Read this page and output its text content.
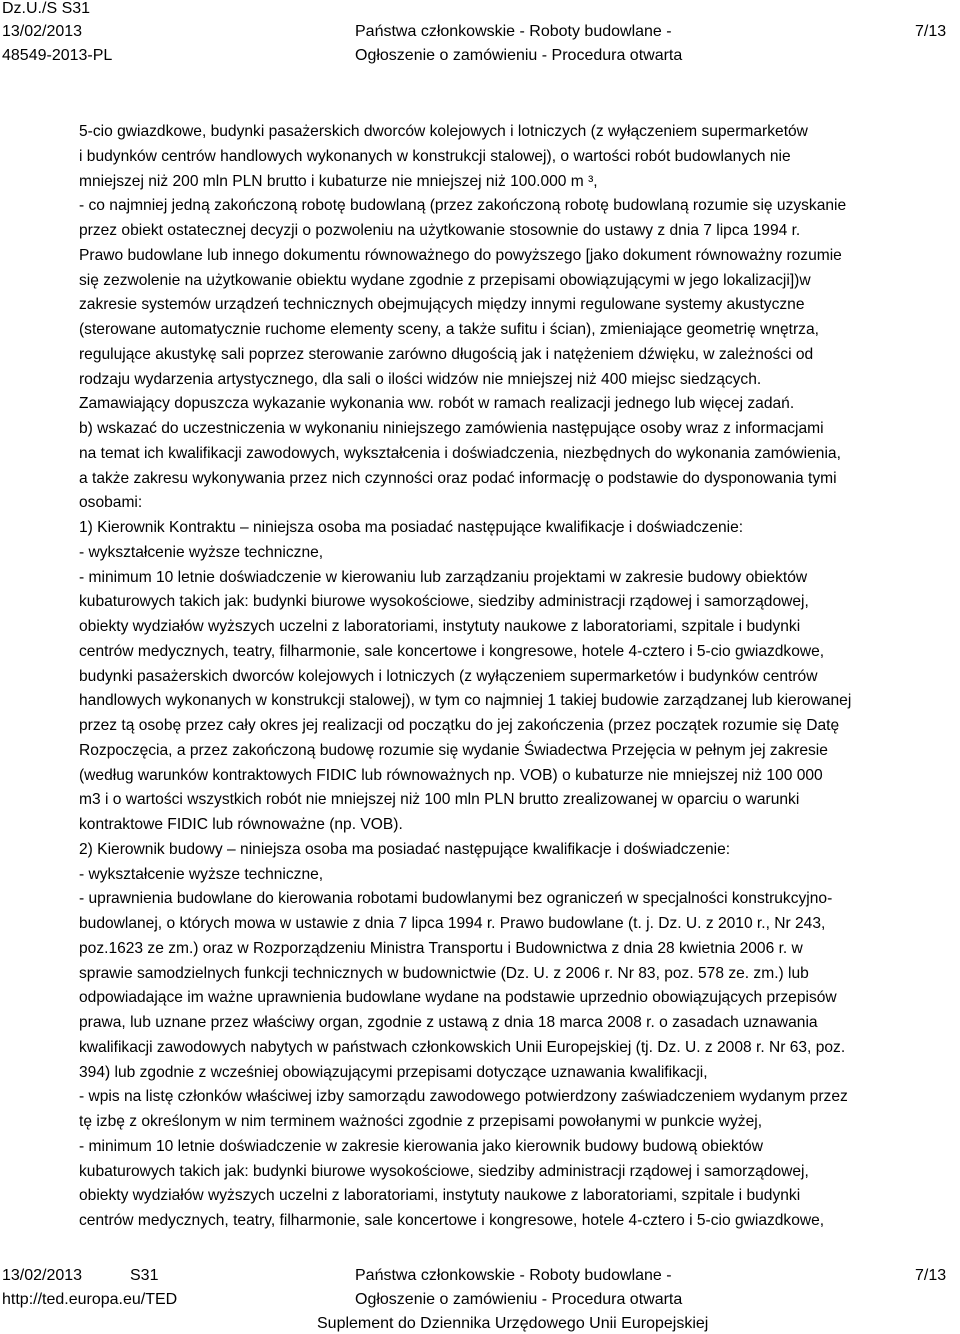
Dz.U./S S31
13/02/2013
48549-2013-PL
Państwa członkowskie - Roboty budowlane -
Ogłoszenie o zamówieniu - Procedura otwarta
7/13
5-cio gwiazdkowe, budynki pasażerskich dworców kolejowych i lotniczych (z wyłączeniem supermarketów
i budynków centrów handlowych wykonanych w konstrukcji stalowej), o wartości robót budowlanych nie
mniejszej niż 200 mln PLN brutto i kubaturze nie mniejszej niż 100.000 m ³,
- co najmniej jedną zakończoną robotę budowlaną (przez zakończoną robotę budowlaną rozumie się uzyskanie
przez obiekt ostatecznej decyzji o pozwoleniu na użytkowanie stosownie do ustawy z dnia 7 lipca 1994 r.
Prawo budowlane lub innego dokumentu równoważnego do powyższego [jako dokument równoważny rozumie
się zezwolenie na użytkowanie obiektu wydane zgodnie z przepisami obowiązującymi w jego lokalizacji])w
zakresie systemów urządzeń technicznych obejmujących między innymi regulowane systemy akustyczne
(sterowane automatycznie ruchome elementy sceny, a także sufitu i ścian), zmieniające geometrię wnętrza,
regulujące akustykę sali poprzez sterowanie zarówno długością jak i natężeniem dźwięku, w zależności od
rodzaju wydarzenia artystycznego, dla sali o ilości widzów nie mniejszej niż 400 miejsc siedzących.
Zamawiający dopuszcza wykazanie wykonania ww. robót w ramach realizacji jednego lub więcej zadań.
b) wskazać do uczestniczenia w wykonaniu niniejszego zamówienia następujące osoby wraz z informacjami
na temat ich kwalifikacji zawodowych, wykształcenia i doświadczenia, niezbędnych do wykonania zamówienia,
a także zakresu wykonywania przez nich czynności oraz podać informację o podstawie do dysponowania tymi
osobami:
1) Kierownik Kontraktu – niniejsza osoba ma posiadać następujące kwalifikacje i doświadczenie:
- wykształcenie wyższe techniczne,
- minimum 10 letnie doświadczenie w kierowaniu lub zarządzaniu projektami w zakresie budowy obiektów
kubaturowych takich jak: budynki biurowe wysokościowe, siedziby administracji rządowej i samorządowej,
obiekty wydziałów wyższych uczelni z laboratoriami, instytuty naukowe z laboratoriami, szpitale i budynki
centrów medycznych, teatry, filharmonie, sale koncertowe i kongresowe, hotele 4-cztero i 5-cio gwiazdkowe,
budynki pasażerskich dworców kolejowych i lotniczych (z wyłączeniem supermarketów i budynków centrów
handlowych wykonanych w konstrukcji stalowej), w tym co najmniej 1 takiej budowie zarządzanej lub kierowanej
przez tą osobę przez cały okres jej realizacji od początku do jej zakończenia (przez początek rozumie się Datę
Rozpoczęcia, a przez zakończoną budowę rozumie się wydanie Świadectwa Przejęcia w pełnym jej zakresie
(według warunków kontraktowych FIDIC lub równoważnych np. VOB) o kubaturze nie mniejszej niż 100 000
m3 i o wartości wszystkich robót nie mniejszej niż 100 mln PLN brutto zrealizowanej w oparciu o warunki
kontraktowe FIDIC lub równoważne (np. VOB).
2) Kierownik budowy – niniejsza osoba ma posiadać następujące kwalifikacje i doświadczenie:
- wykształcenie wyższe techniczne,
- uprawnienia budowlane do kierowania robotami budowlanymi bez ograniczeń w specjalności konstrukcyjno-
budowlanej, o których mowa w ustawie z dnia 7 lipca 1994 r. Prawo budowlane (t. j. Dz. U. z 2010 r., Nr 243,
poz.1623 ze zm.) oraz w Rozporządzeniu Ministra Transportu i Budownictwa z dnia 28 kwietnia 2006 r. w
sprawie samodzielnych funkcji technicznych w budownictwie (Dz. U. z 2006 r. Nr 83, poz. 578 ze. zm.) lub
odpowiadające im ważne uprawnienia budowlane wydane na podstawie uprzednio obowiązujących przepisów
prawa, lub uznane przez właściwy organ, zgodnie z ustawą z dnia 18 marca 2008 r. o zasadach uznawania
kwalifikacji zawodowych nabytych w państwach członkowskich Unii Europejskiej (tj. Dz. U. z 2008 r. Nr 63, poz.
394) lub zgodnie z wcześniej obowiązującymi przepisami dotyczące uznawania kwalifikacji,
- wpis na listę członków właściwej izby samorządu zawodowego potwierdzony zaświadczeniem wydanym przez
tę izbę z określonym w nim terminem ważności zgodnie z przepisami powołanymi w punkcie wyżej,
- minimum 10 letnie doświadczenie w zakresie kierowania jako kierownik budowy budową obiektów
kubaturowych takich jak: budynki biurowe wysokościowe, siedziby administracji rządowej i samorządowej,
obiekty wydziałów wyższych uczelni z laboratoriami, instytuty naukowe z laboratoriami, szpitale i budynki
centrów medycznych, teatry, filharmonie, sale koncertowe i kongresowe, hotele 4-cztero i 5-cio gwiazdkowe,
13/02/2013	S31
http://ted.europa.eu/TED
Państwa członkowskie - Roboty budowlane -
Ogłoszenie o zamówieniu - Procedura otwarta
Suplement do Dziennika Urzędowego Unii Europejskiej
7/13
